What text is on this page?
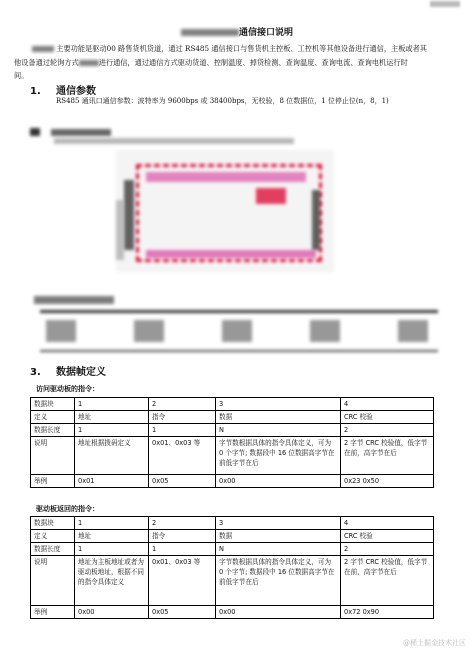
通信接口说明
主要功能是驱动00 路售货机货道，通过 RS485 通信接口与售货机主控板、工控机等其他设备进行通信，主板或者其
他设备通过轮询方式	进行通信，通过通信方式驱动货道、控制温度、掉货检测、查询温度、查询电流、查询电机运行时
间。
1. 通信参数
RS485 通讯口通信参数：波特率为 9600bps 或 38400bps，无校验，8 位数据位，1 位停止位(n，8，1)

3. 数据帧定义
访问驱动板的指令：
数据块	1	2	3	4
定义	地址	指令	数据	CRC 校验
数据长度	1	1	N	2
说明	地址根据拨码定义	0x01、0x03 等	字节数根据具体的指令具体定义，可为 0 个字节; 数据段中 16 位数据高字节在前低字节在后	2 字节 CRC 校验值，低字节在前，高字节在后
举例	0x01	0x05	0x00	0x23 0x50
驱动板返回的指令：
数据块	1	2	3	4
定义	地址	指令	数据	CRC 校验
数据长度	1	1	N	2
说明	地址为主板地址或者为驱动板地址，根据不同的指令具体定义	0x01、0x03 等	字节数根据具体的指令具体定义，可为 0 个字节; 数据段中 16 位数据高字节在前低字节在后	2 字节 CRC 校验值，低字节在前，高字节在后
举例	0x00	0x05	0x00	0x72 0x90
@稀土掘金技术社区
